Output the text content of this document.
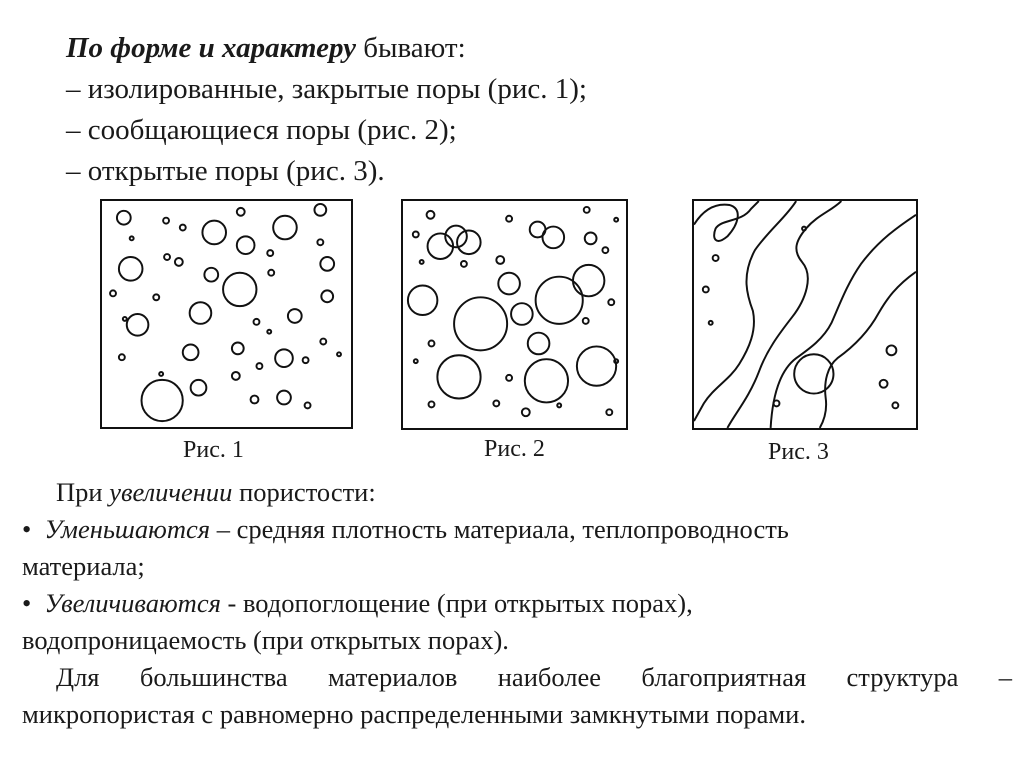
По форме и характеру бывают:

– изолированные, закрытые поры (рис. 1);

– сообщающиеся поры (рис. 2);

– открытые поры (рис. 3).

Рис. 1	Рис. 2	Рис. 3

При увеличении пористости:

•  Уменьшаются – средняя плотность материала, теплопроводность

материала;

•  Увеличиваются - водопоглощение (при открытых порах),

водопроницаемость (при открытых порах).

Для большинства материалов наиболее благоприятная структура –

микропористая с равномерно распределенными замкнутыми порами.
